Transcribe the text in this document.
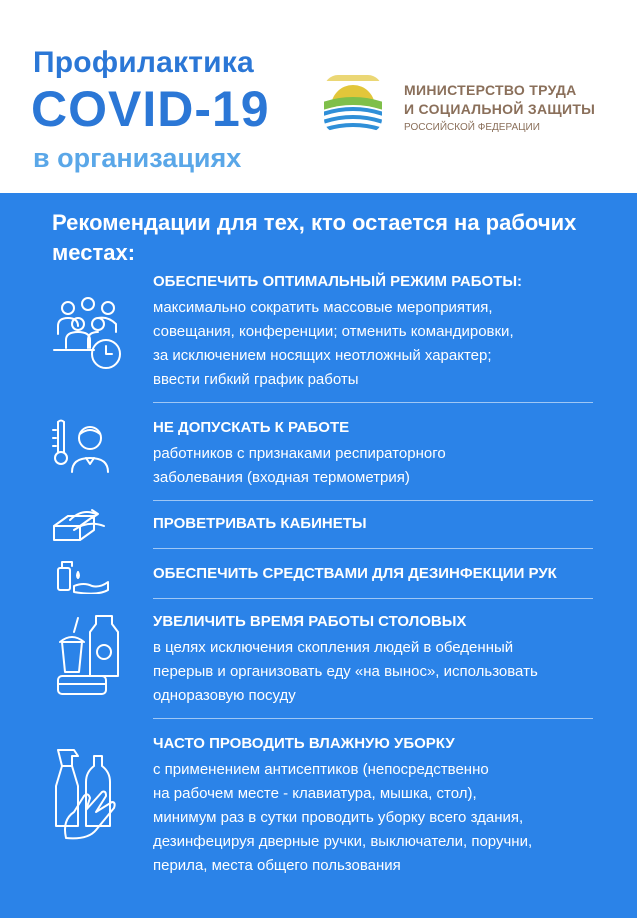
Профилактика
COVID-19
в организациях
МИНИСТЕРСТВО ТРУДА
И СОЦИАЛЬНОЙ ЗАЩИТЫ
РОССИЙСКОЙ ФЕДЕРАЦИИ
Рекомендации для тех, кто остается на рабочих местах:
ОБЕСПЕЧИТЬ ОПТИМАЛЬНЫЙ РЕЖИМ РАБОТЫ:
максимально сократить массовые мероприятия,
совещания, конференции; отменить командировки,
за исключением носящих неотложный характер;
ввести гибкий график работы
НЕ ДОПУСКАТЬ К РАБОТЕ
работников с признаками респираторного
заболевания (входная термометрия)
ПРОВЕТРИВАТЬ КАБИНЕТЫ
ОБЕСПЕЧИТЬ СРЕДСТВАМИ ДЛЯ ДЕЗИНФЕКЦИИ РУК
УВЕЛИЧИТЬ ВРЕМЯ РАБОТЫ СТОЛОВЫХ
в целях исключения скопления людей в обеденный
перерыв и организовать еду «на вынос», использовать
одноразовую посуду
ЧАСТО ПРОВОДИТЬ ВЛАЖНУЮ УБОРКУ
с применением антисептиков (непосредственно
на рабочем месте - клавиатура, мышка, стол),
минимум раз в сутки проводить уборку всего здания,
дезинфецируя дверные ручки, выключатели, поручни,
перила, места общего пользования
